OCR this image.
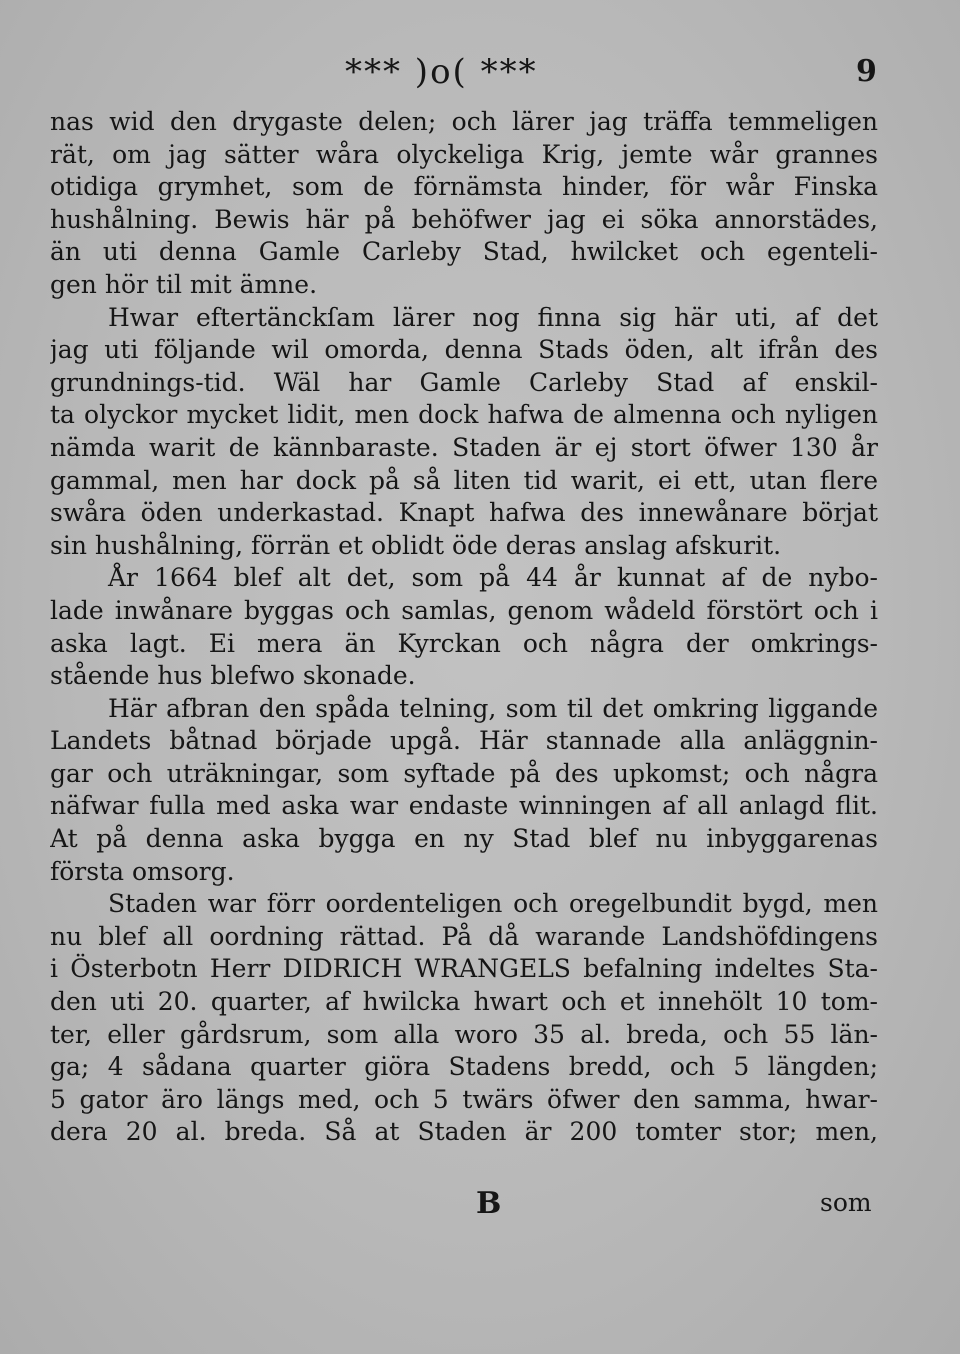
*** )o( ***	9
nas wid den drygaste delen; och lärer jag träffa temmeligen
rät, om jag sätter wåra olyckeliga Krig, jemte wår grannes
otidiga grymhet, som de förnämsta hinder, för wår Finska
hushålning. Bewis här på behöfwer jag ei söka annorstädes,
än uti denna Gamle Carleby Stad, hwilcket och egenteli-
gen hör til mit ämne.
Hwar eftertänckſam lärer nog finna sig här uti, af det
jag uti följande wil omorda, denna Stads öden, alt ifrån des
grundnings-tid. Wäl har Gamle Carleby Stad af enskil-
ta olyckor mycket lidit, men dock hafwa de almenna och nyligen
nämda warit de kännbaraste. Staden är ej stort öfwer 130 år
gammal, men har dock på så liten tid warit, ei ett, utan flere
swåra öden underkastad. Knapt hafwa des innewånare börjat
sin hushålning, förrän et oblidt öde deras anslag afskurit.
År 1664 blef alt det, som på 44 år kunnat af de nybo-
lade inwånare byggas och samlas, genom wådeld förstört och i
aska lagt. Ei mera än Kyrckan och några der omkrings-
stående hus blefwo skonade.
Här afbran den spåda telning, som til det omkring liggande
Landets båtnad började upgå. Här stannade alla anläggnin-
gar och uträkningar, som syftade på des upkomst; och några
näfwar fulla med aska war endaste winningen af all anlagd flit.
At på denna aska bygga en ny Stad blef nu inbyggarenas
första omsorg.
Staden war förr oordenteligen och oregelbundit bygd, men
nu blef all oordning rättad. På då warande Landshöfdingens
i Österbotn Herr DIDRICH WRANGELS befalning indeltes Sta-
den uti 20. quarter, af hwilcka hwart och et innehölt 10 tom-
ter, eller gårdsrum, som alla woro 35 al. breda, och 55 län-
ga; 4 sådana quarter giöra Stadens bredd, och 5 längden;
5 gator äro längs med, och 5 twärs öfwer den samma, hwar-
dera 20 al. breda. Så at Staden är 200 tomter stor; men,
B	som
